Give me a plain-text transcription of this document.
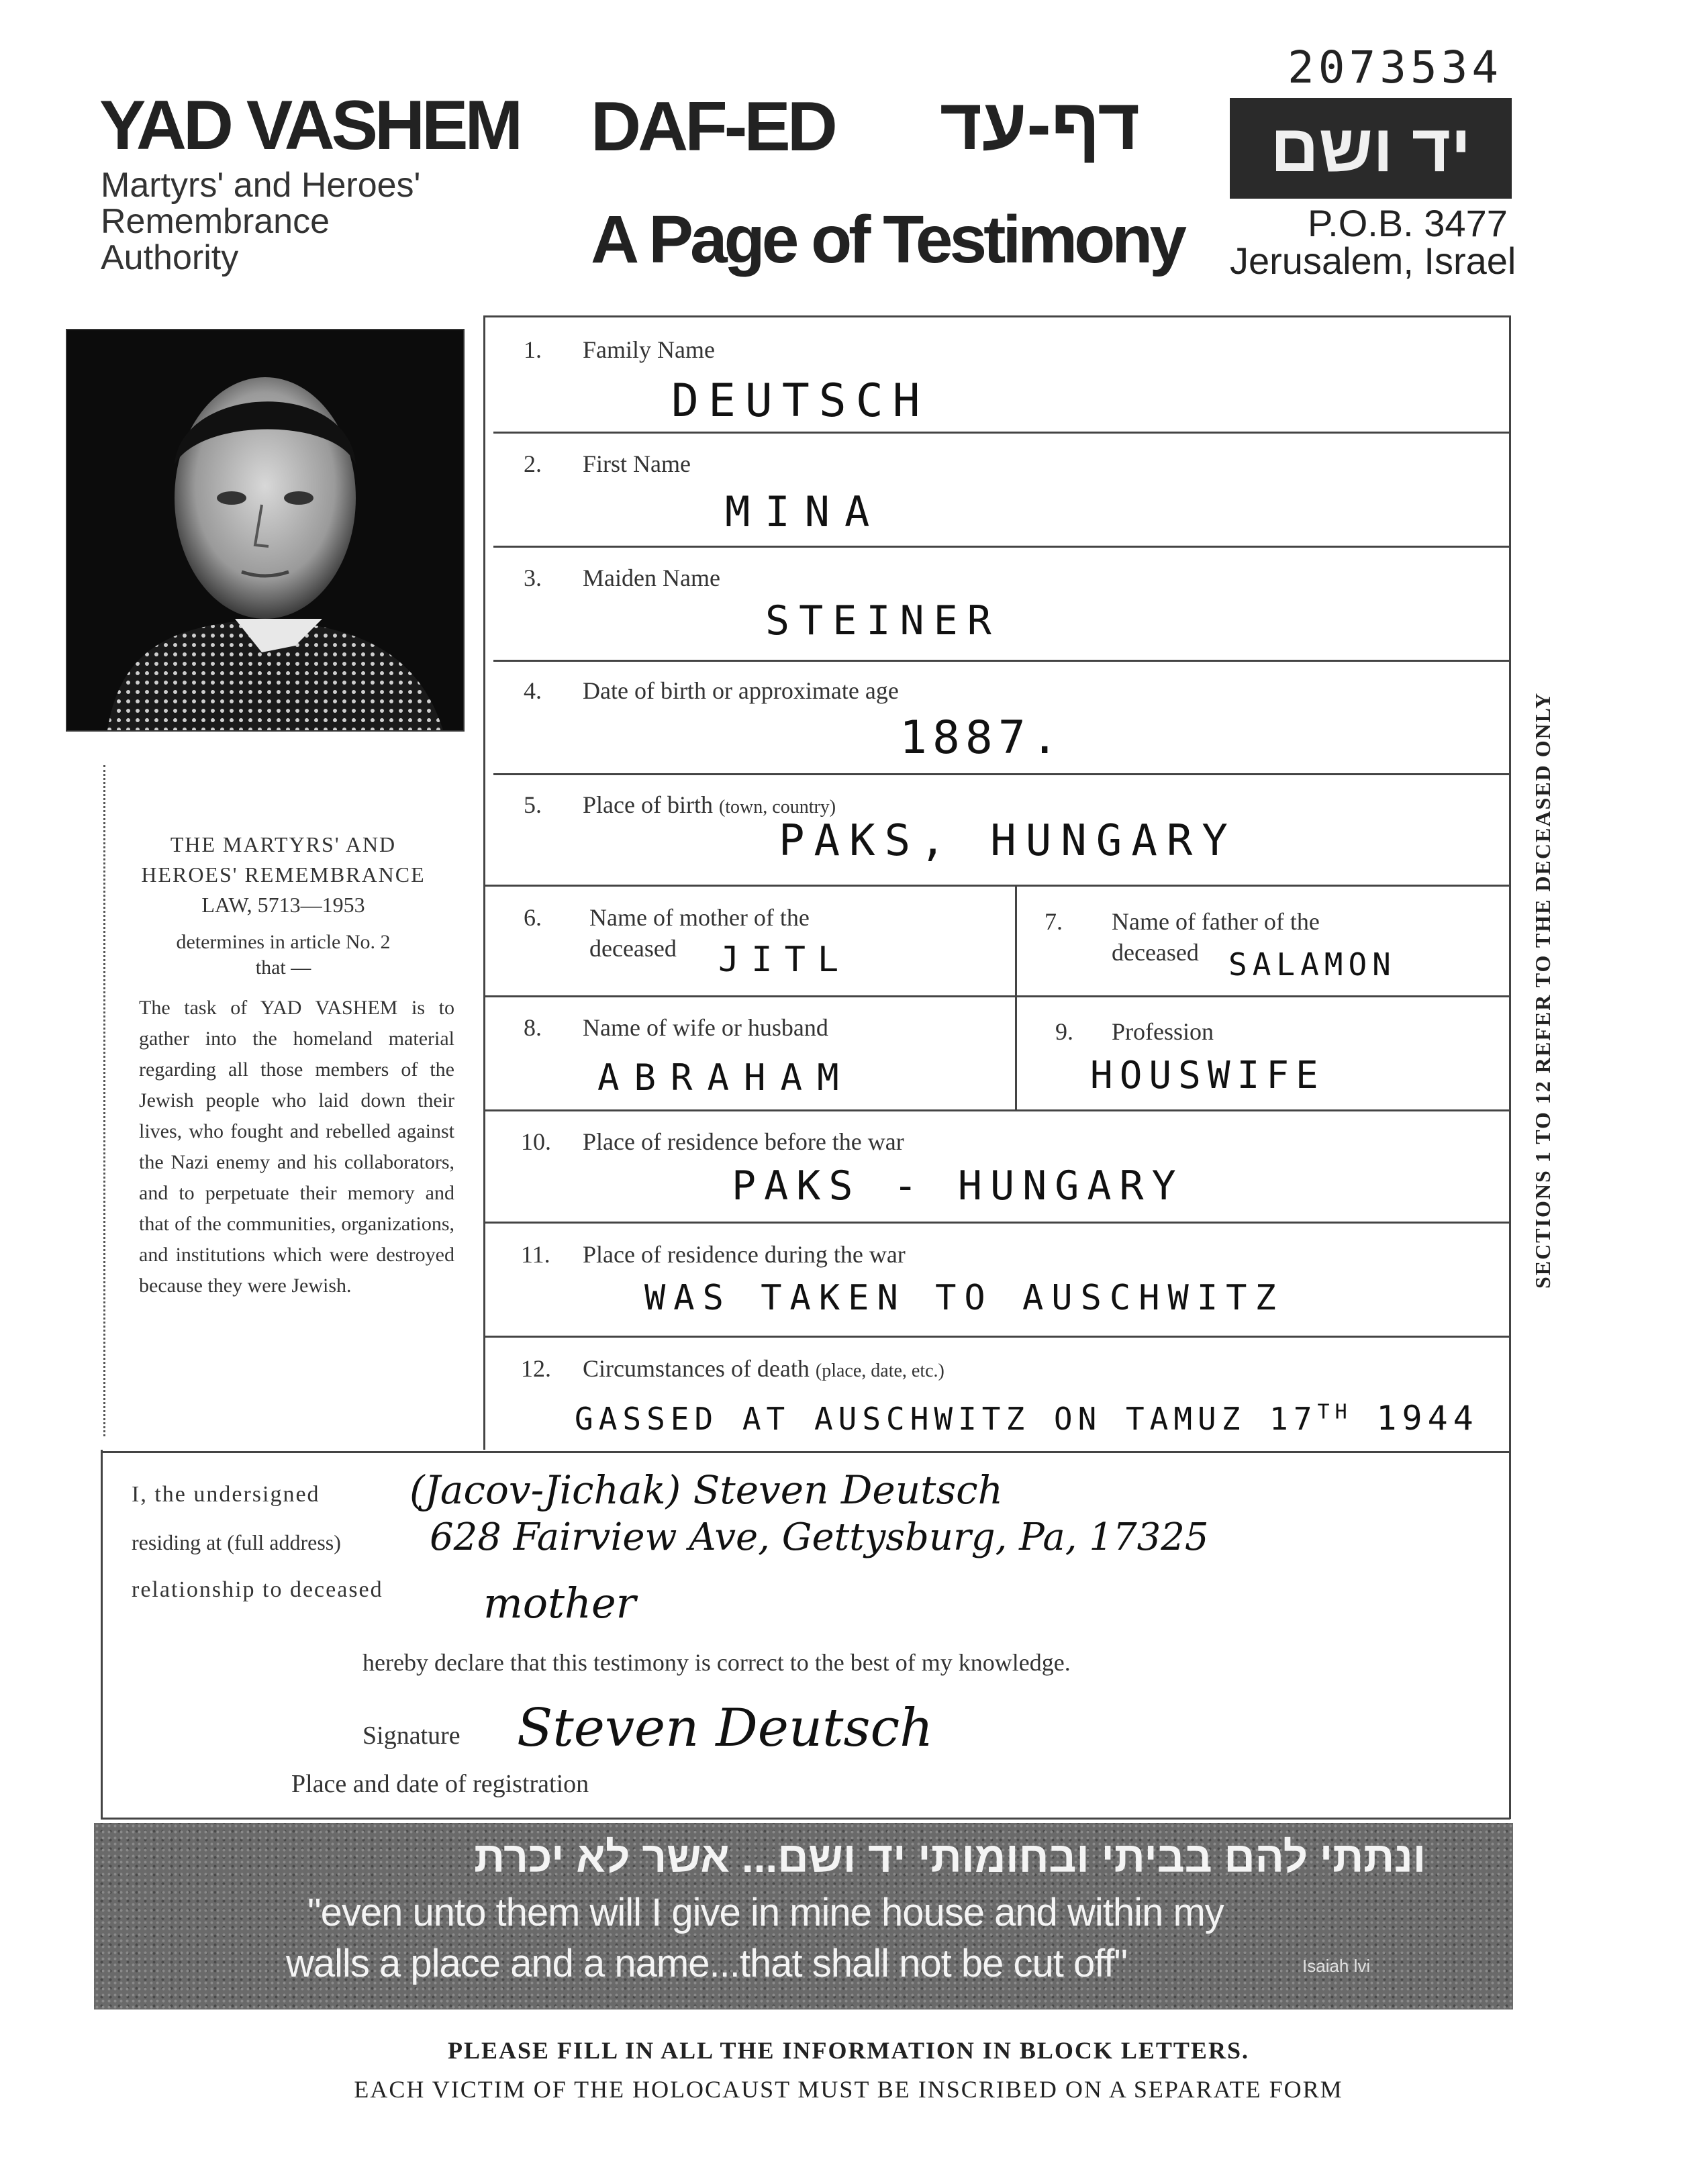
2073534
YAD VASHEM
Martyrs' and Heroes'
Remembrance
Authority
DAF-ED דף-עד
A Page of Testimony
יד ושם
P.O.B. 3477
Jerusalem, Israel
SECTIONS 1 TO 12 REFER TO THE DECEASED ONLY
THE MARTYRS' AND
HEROES' REMEMBRANCE
LAW, 5713—1953
determines in article No. 2
that —
The task of YAD VASHEM is to gather into the homeland material regarding all those members of the Jewish people who laid down their lives, who fought and rebelled against the Nazi enemy and his collaborators, and to perpetuate their memory and that of the communities, organizations, and institutions which were destroyed because they were Jewish.
1. Family Name
DEUTSCH
2. First Name
MINA
3. Maiden Name
STEINER
4. Date of birth or approximate age
1887.
5. Place of birth (town, country)
PAKS, HUNGARY
6. Name of mother of the
deceased JITL
7. Name of father of the
deceased SALAMON
8. Name of wife or husband
ABRAHAM
9. Profession
HOUSWIFE
10. Place of residence before the war
PAKS - HUNGARY
11. Place of residence during the war
WAS TAKEN TO AUSCHWITZ
12. Circumstances of death (place, date, etc.)
GASSED AT AUSCHWITZ ON TAMUZ 17TH 1944
I, the undersigned (Jacov-Jichak) Steven Deutsch
residing at (full address) 628 Fairview Ave, Gettysburg, Pa, 17325
relationship to deceased mother
hereby declare that this testimony is correct to the best of my knowledge.
Signature Steven Deutsch
Place and date of registration
ונתתי להם בביתי ובחומותי יד ושם... אשר לא יכרת
"even unto them will I give in mine house and within my
walls a place and a name...that shall not be cut off"	Isaiah lvi
PLEASE FILL IN ALL THE INFORMATION IN BLOCK LETTERS.
EACH VICTIM OF THE HOLOCAUST MUST BE INSCRIBED ON A SEPARATE FORM
